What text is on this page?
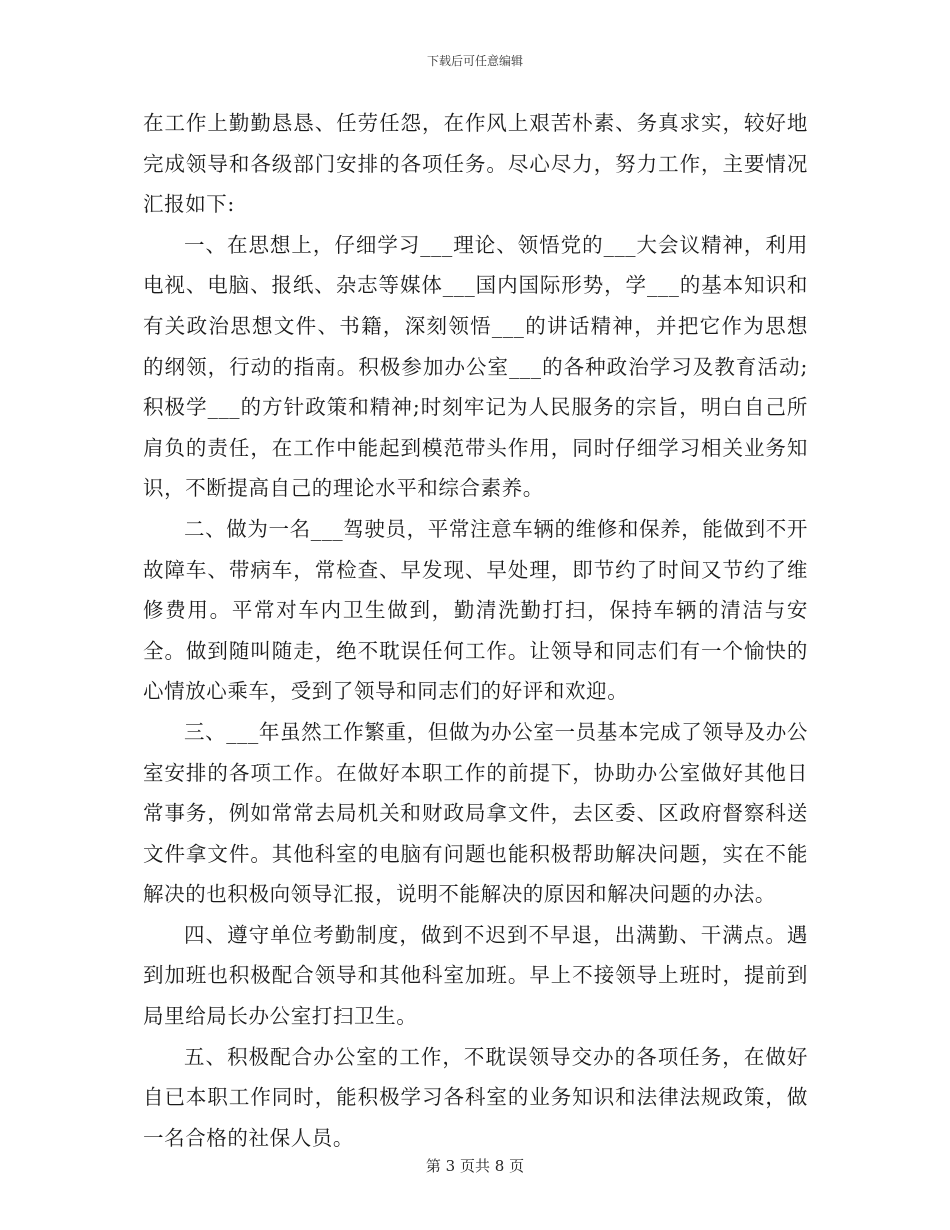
下载后可任意编辑

在工作上勤勤恳恳、任劳任怨，在作风上艰苦朴素、务真求实，较好地完成领导和各级部门安排的各项任务。尽心尽力，努力工作，主要情况汇报如下:

一、在思想上，仔细学习___理论、领悟党的___大会议精神，利用电视、电脑、报纸、杂志等媒体___国内国际形势，学___的基本知识和有关政治思想文件、书籍，深刻领悟___的讲话精神，并把它作为思想的纲领，行动的指南。积极参加办公室___的各种政治学习及教育活动;积极学___的方针政策和精神;时刻牢记为人民服务的宗旨，明白自己所肩负的责任，在工作中能起到模范带头作用，同时仔细学习相关业务知识，不断提高自己的理论水平和综合素养。

二、做为一名___驾驶员，平常注意车辆的维修和保养，能做到不开故障车、带病车，常检查、早发现、早处理，即节约了时间又节约了维修费用。平常对车内卫生做到，勤清洗勤打扫，保持车辆的清洁与安全。做到随叫随走，绝不耽误任何工作。让领导和同志们有一个愉快的心情放心乘车，受到了领导和同志们的好评和欢迎。

三、___年虽然工作繁重，但做为办公室一员基本完成了领导及办公室安排的各项工作。在做好本职工作的前提下，协助办公室做好其他日常事务，例如常常去局机关和财政局拿文件，去区委、区政府督察科送文件拿文件。其他科室的电脑有问题也能积极帮助解决问题，实在不能解决的也积极向领导汇报，说明不能解决的原因和解决问题的办法。

四、遵守单位考勤制度，做到不迟到不早退，出满勤、干满点。遇到加班也积极配合领导和其他科室加班。早上不接领导上班时，提前到局里给局长办公室打扫卫生。

五、积极配合办公室的工作，不耽误领导交办的各项任务，在做好自已本职工作同时，能积极学习各科室的业务知识和法律法规政策，做一名合格的社保人员。

第 3 页共 8 页
